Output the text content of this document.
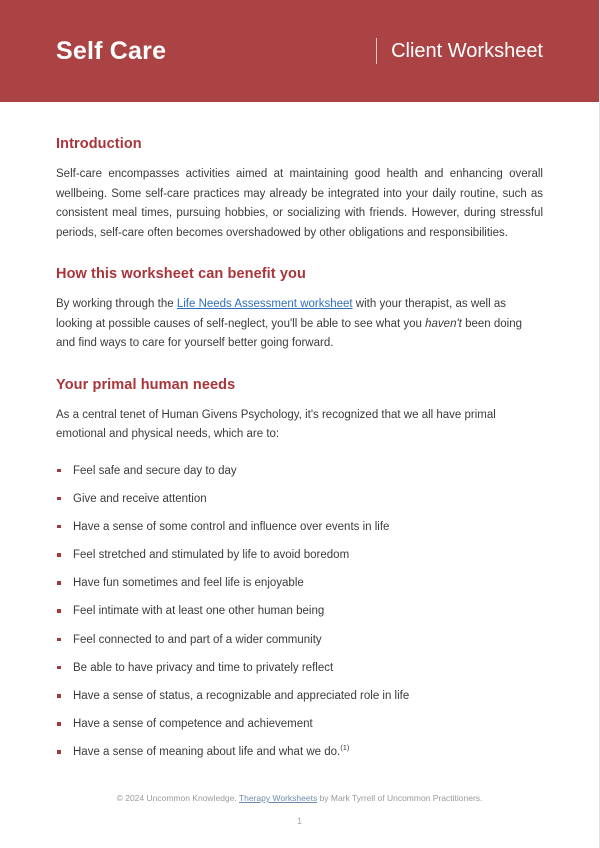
Self Care	Client Worksheet
Introduction

Self-care encompasses activities aimed at maintaining good health and enhancing overall wellbeing. Some self-care practices may already be integrated into your daily routine, such as consistent meal times, pursuing hobbies, or socializing with friends. However, during stressful periods, self-care often becomes overshadowed by other obligations and responsibilities.

How this worksheet can benefit you

By working through the Life Needs Assessment worksheet with your therapist, as well as looking at possible causes of self-neglect, you'll be able to see what you haven't been doing and find ways to care for yourself better going forward.

Your primal human needs

As a central tenet of Human Givens Psychology, it's recognized that we all have primal emotional and physical needs, which are to:

Feel safe and secure day to day
Give and receive attention
Have a sense of some control and influence over events in life
Feel stretched and stimulated by life to avoid boredom
Have fun sometimes and feel life is enjoyable
Feel intimate with at least one other human being
Feel connected to and part of a wider community
Be able to have privacy and time to privately reflect
Have a sense of status, a recognizable and appreciated role in life
Have a sense of competence and achievement
Have a sense of meaning about life and what we do.$^{(1)}$
© 2024 Uncommon Knowledge. Therapy Worksheets by Mark Tyrrell of Uncommon Practitioners.
1
